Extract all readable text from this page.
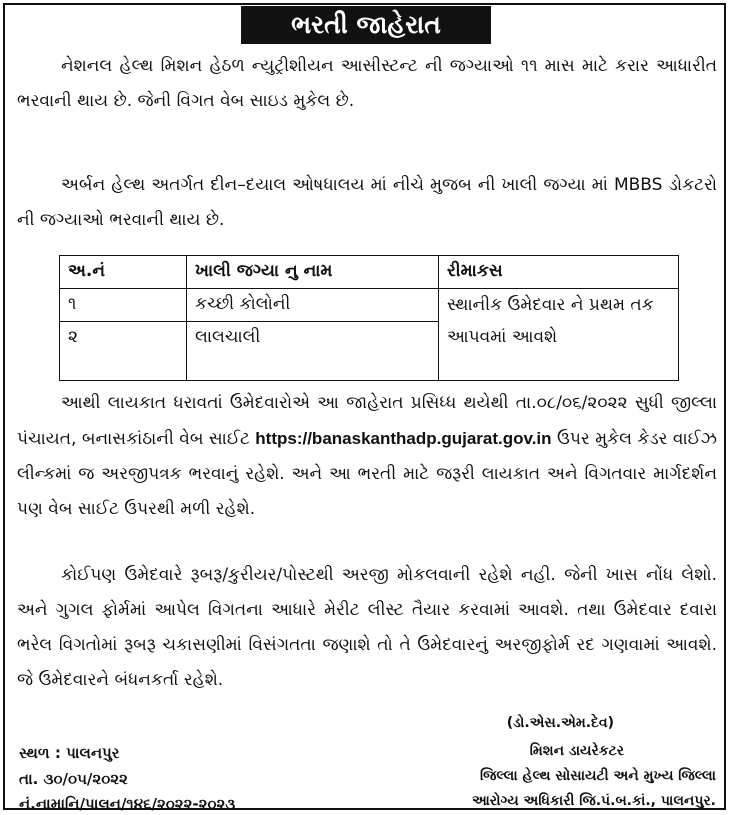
ભરતી જાહેરાત
નેશનલ હેલ્થ મિશન હેઠળ ન્યુટ્રીશીયન આસીસ્ટન્ટ ની જગ્યાઓ ૧૧ માસ માટે કરાર આધારીત ભરવાની થાય છે. જેની વિગત વેબ સાઇડ મુકેલ છે.
અર્બન હેલ્થ અતર્ગત દીન–દયાલ ઓષધાલય માં નીચે મુજબ ની ખાલી જગ્યા માં MBBS ડોકટરો ની જગ્યાઓ ભરવાની થાય છે.
અ.નં	ખાલી જગ્યા નુ નામ	રીમાકસ
૧	કચ્છી કોલોની	સ્થાનીક ઉમેદવાર ને પ્રથમ તક આપવમાં આવશે
૨	લાલચાલી	
આથી લાયકાત ધરાવતાં ઉમેદવારોએ આ જાહેરાત પ્રસિધ્ધ થયેથી તા.૦૮/૦૬/૨૦૨૨ સુધી જીલ્લા પંચાયત, બનાસકાંઠાની વેબ સાઈટ https://banaskanthadp.gujarat.gov.in ઉપર મુકેલ કેડર વાઈઝ લીન્કમાં જ અરજીપત્રક ભરવાનું રહેશે. અને આ ભરતી માટે જરૂરી લાયકાત અને વિગતવાર માર્ગદર્શન પણ વેબ સાઈટ ઉપરથી મળી રહેશે.
કોઈપણ ઉમેદવારે રૂબરૂ/કુરીયર/પોસ્ટથી અરજી મોકલવાની રહેશે નહી. જેની ખાસ નોંધ લેશો. અને ગુગલ ફોર્મમાં આપેલ વિગતના આધારે મેરીટ લીસ્ટ તૈયાર કરવામાં આવશે. તથા ઉમેદવાર દવારા ભરેલ વિગતોમાં રૂબરૂ ચકાસણીમાં વિસંગતતા જણાશે તો તે ઉમેદવારનું અરજીફોર્મ રદ ગણવામાં આવશે. જે ઉમેદવારને બંધનકર્તા રહેશે.
સ્થળ : પાલનપુર
તા. ૩૦/૦૫/૨૦૨૨
નં.નામાનિ/પાલન/૧૪૬/૨૦૨૨-૨૦૨૩
(ડો.એસ.એમ.દેવ)
મિશન ડાયરેકટર
જિલ્લા હેલ્થ સોસાયટી અને મુખ્ય જિલ્લા
આરોગ્ય અધિકારી જિ.પં.બ.કાં., પાલનપુર.
